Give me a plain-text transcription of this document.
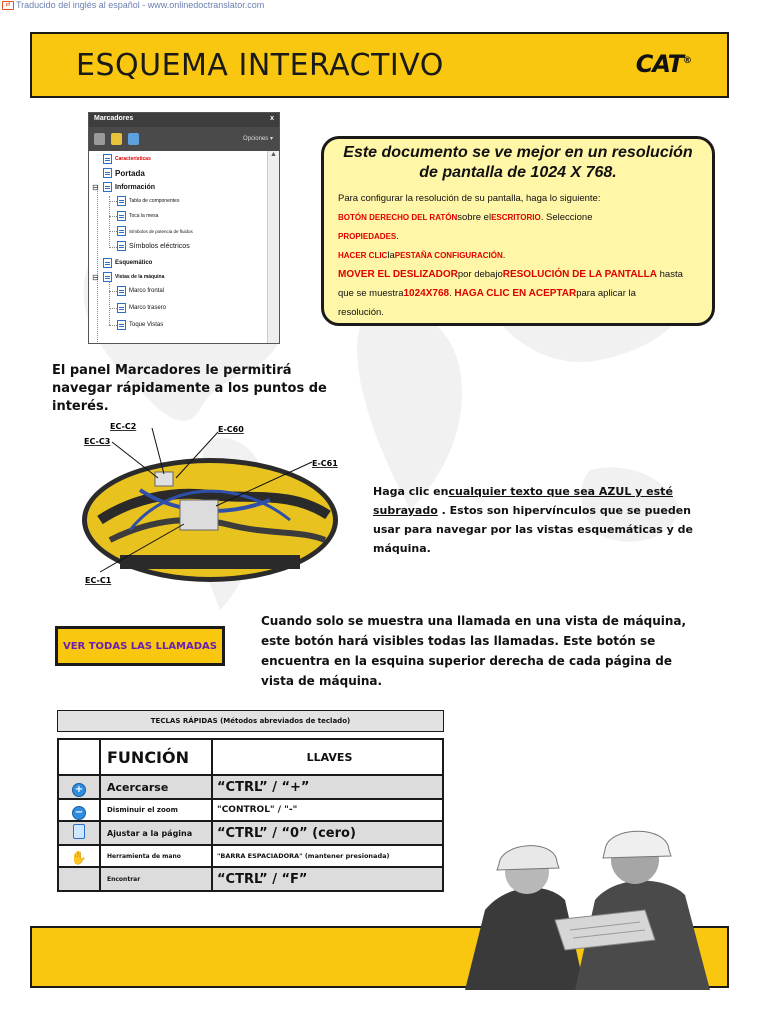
⇄ Traducido del inglés al español - www.onlinedoctranslator.com
ESQUEMA INTERACTIVO	CAT®
Marcadores	x
Opciones ▾
Características
Portada
⊟ Información
Tabla de componentes
Toca la mesa
Símbolos de potencia de fluidos
Símbolos eléctricos
Esquemático
⊟	Vistas de la máquina
Marco frontal
Marco trasero
Toque Vistas
▲	Este documento se ve mejor en un resolución de pantalla de 1024 X 768.
Para configurar la resolución de su pantalla, haga lo siguiente:
BOTÓN DERECHO DEL RATÓNsobre elESCRITORIO. Seleccione
PROPIEDADES.
HACER CLIClaPESTAÑA CONFIGURACIÓN.
MOVER EL DESLIZADORpor debajoRESOLUCIÓN DE LA PANTALLA hasta
que se muestra1024X768. HAGA CLIC EN ACEPTARpara aplicar la
resolución.
El panel Marcadores le permitirá navegar rápidamente a los puntos de interés.
EC-C2
EC-C3
E-C60
E-C61
EC-C1
Haga clic encualquier texto que sea AZUL y esté subrayado . Estos son hipervínculos que se pueden usar para navegar por las vistas esquemáticas y de máquina.
VER TODAS LAS LLAMADAS
Cuando solo se muestra una llamada en una vista de máquina, este botón hará visibles todas las llamadas. Este botón se encuentra en la esquina superior derecha de cada página de vista de máquina.
TECLAS RÁPIDAS (Métodos abreviados de teclado)
	FUNCIÓN	LLAVES
+	Acercarse	“CTRL” / “+”
−	Disminuir el zoom	"CONTROL" / "-"
	Ajustar a la página	“CTRL” / “0” (cero)
✋	Herramienta de mano	"BARRA ESPACIADORA" (mantener presionada)
	Encontrar	“CTRL” / “F”
